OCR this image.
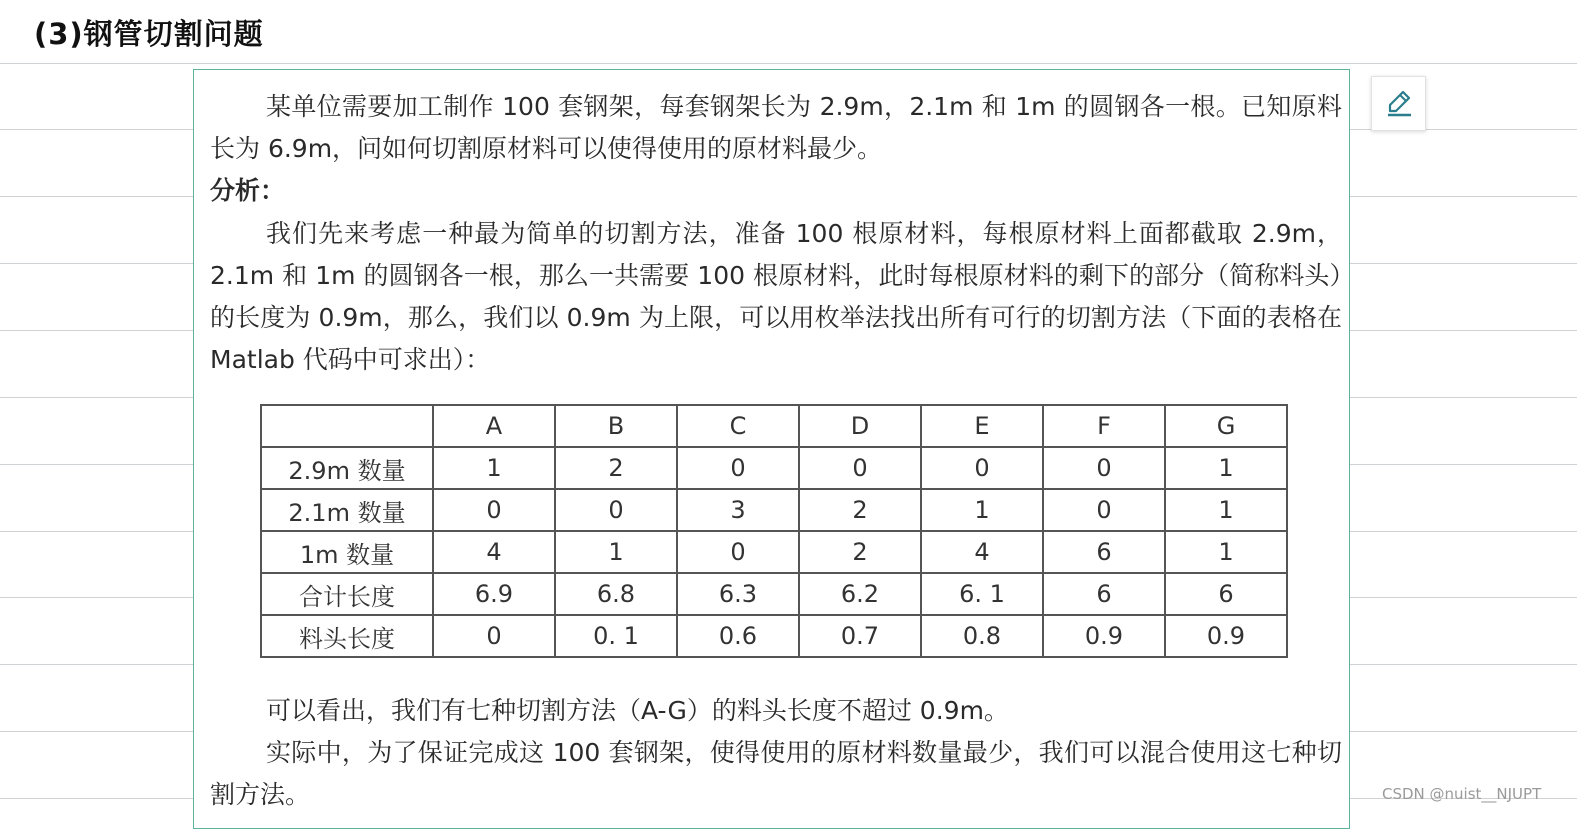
(3)钢管切割问题

某单位需要加工制作 100 套钢架，每套钢架长为 2.9m，2.1m 和 1m 的圆钢各一根。已知原料长为 6.9m，问如何切割原材料可以使得使用的原材料最少。

分析：

我们先来考虑一种最为简单的切割方法，准备 100 根原材料，每根原材料上面都截取 2.9m，2.1m 和 1m 的圆钢各一根，那么一共需要 100 根原材料，此时每根原材料的剩下的部分（简称料头）的长度为 0.9m，那么，我们以 0.9m 为上限，可以用枚举法找出所有可行的切割方法（下面的表格在 Matlab 代码中可求出）：

	A	B	C	D	E	F	G
2.9m 数量	1	2	0	0	0	0	1
2.1m 数量	0	0	3	2	1	0	1
1m 数量	4	1	0	2	4	6	1
合计长度	6.9	6.8	6.3	6.2	6. 1	6	6
料头长度	0	0. 1	0.6	0.7	0.8	0.9	0.9

可以看出，我们有七种切割方法（A-G）的料头长度不超过 0.9m。

实际中，为了保证完成这 100 套钢架，使得使用的原材料数量最少，我们可以混合使用这七种切割方法。	CSDN @nuist__NJUPT
